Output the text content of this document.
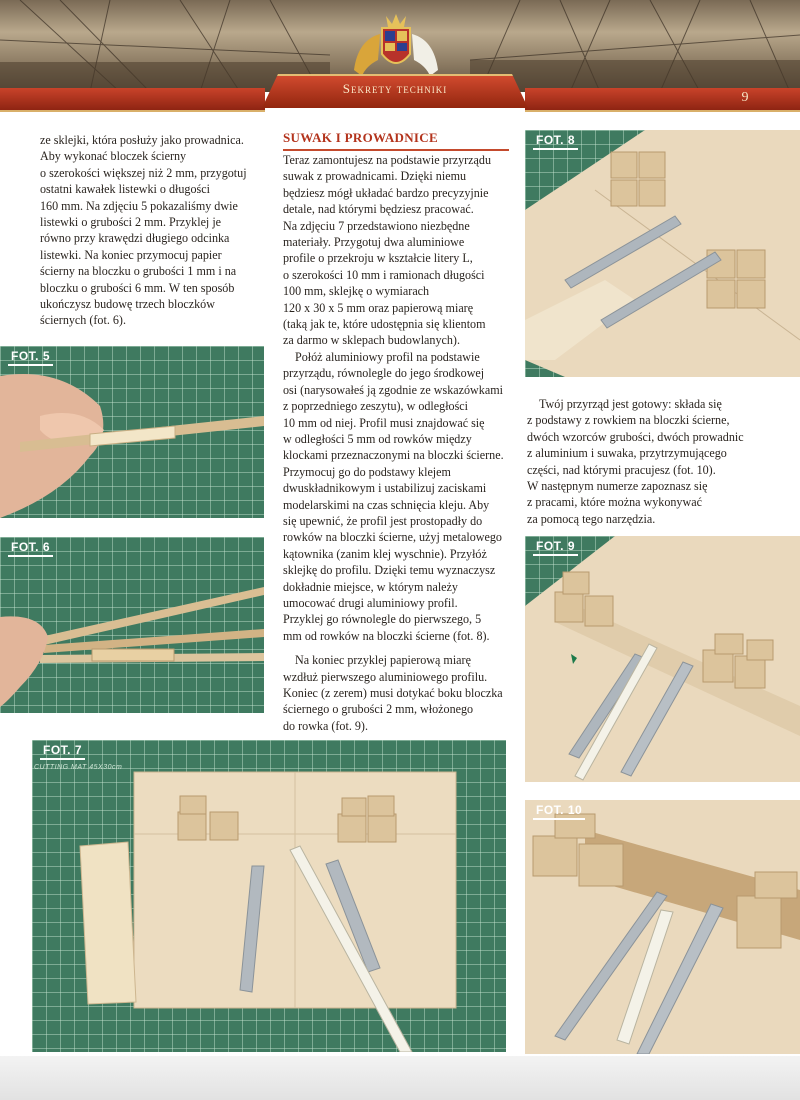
Sekrety techniki
9

ze sklejki, która posłuży jako prowadnica.
Aby wykonać bloczek ścierny
o szerokości większej niż 2 mm, przygotuj
ostatni kawałek listewki o długości
160 mm. Na zdjęciu 5 pokazaliśmy dwie
listewki o grubości 2 mm. Przyklej je
równo przy krawędzi długiego odcinka
listewki. Na koniec przymocuj papier
ścierny na bloczku o grubości 1 mm i na
bloczku o grubości 6 mm. W ten sposób
ukończysz budowę trzech bloczków
ściernych (fot. 6).

SUWAK I PROWADNICE

Teraz zamontujesz na podstawie przyrządu
suwak z prowadnicami. Dzięki niemu
będziesz mógł układać bardzo precyzyjnie
detale, nad którymi będziesz pracować.
Na zdjęciu 7 przedstawiono niezbędne
materiały. Przygotuj dwa aluminiowe
profile o przekroju w kształcie litery L,
o szerokości 10 mm i ramionach długości
100 mm, sklejkę o wymiarach
120 x 30 x 5 mm oraz papierową miarę
(taką jak te, które udostępnia się klientom
za darmo w sklepach budowlanych).

Połóż aluminiowy profil na podstawie
przyrządu, równolegle do jego środkowej
osi (narysowałeś ją zgodnie ze wskazówkami
z poprzedniego zeszytu), w odległości
10 mm od niej. Profil musi znajdować się
w odległości 5 mm od rowków między
klockami przeznaczonymi na bloczki ścierne.
Przymocuj go do podstawy klejem
dwuskładnikowym i ustabilizuj zaciskami
modelarskimi na czas schnięcia kleju. Aby
się upewnić, że profil jest prostopadły do
rowków na bloczki ścierne, użyj metalowego
kątownika (zanim klej wyschnie). Przyłóż
sklejkę do profilu. Dzięki temu wyznaczysz
dokładnie miejsce, w którym należy
umocować drugi aluminiowy profil.
Przyklej go równolegle do pierwszego, 5
mm od rowków na bloczki ścierne (fot. 8).

Na koniec przyklej papierową miarę
wzdłuż pierwszego aluminiowego profilu.
Koniec (z zerem) musi dotykać boku bloczka
ściernego o grubości 2 mm, włożonego
do rowka (fot. 9).

Twój przyrząd jest gotowy: składa się
z podstawy z rowkiem na bloczki ścierne,
dwóch wzorców grubości, dwóch prowadnic
z aluminium i suwaka, przytrzymującego
części, nad którymi pracujesz (fot. 10).
W następnym numerze zapoznasz się
z pracami, które można wykonywać
za pomocą tego narzędzia.

FOT. 8
FOT. 5
FOT. 6	FOT. 9
FOT. 7
CUTTING MAT 45X30cm
FOT. 10
